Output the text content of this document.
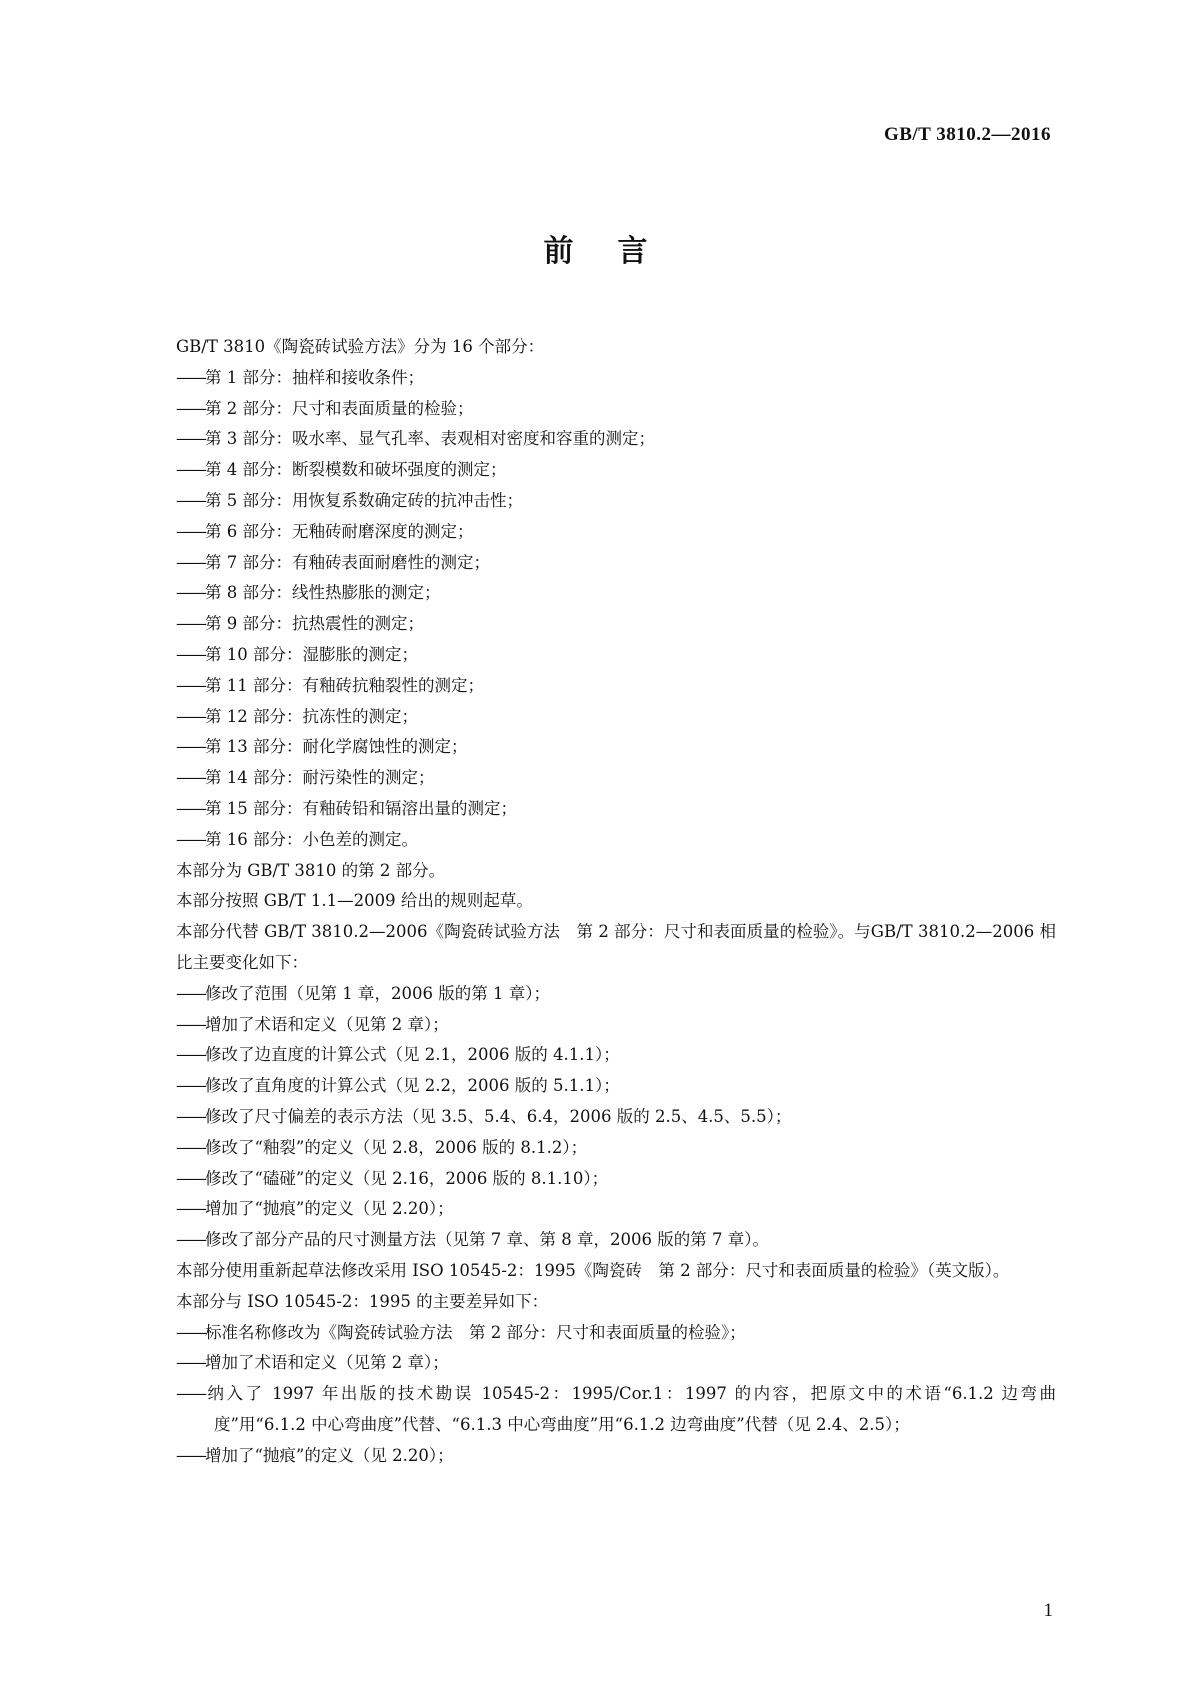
GB/T 3810.2—2016
前 言
GB/T 3810《陶瓷砖试验方法》分为 16 个部分：
——第 1 部分：抽样和接收条件；
——第 2 部分：尺寸和表面质量的检验；
——第 3 部分：吸水率、显气孔率、表观相对密度和容重的测定；
——第 4 部分：断裂模数和破坏强度的测定；
——第 5 部分：用恢复系数确定砖的抗冲击性；
——第 6 部分：无釉砖耐磨深度的测定；
——第 7 部分：有釉砖表面耐磨性的测定；
——第 8 部分：线性热膨胀的测定；
——第 9 部分：抗热震性的测定；
——第 10 部分：湿膨胀的测定；
——第 11 部分：有釉砖抗釉裂性的测定；
——第 12 部分：抗冻性的测定；
——第 13 部分：耐化学腐蚀性的测定；
——第 14 部分：耐污染性的测定；
——第 15 部分：有釉砖铅和镉溶出量的测定；
——第 16 部分：小色差的测定。
本部分为 GB/T 3810 的第 2 部分。
本部分按照 GB/T 1.1—2009 给出的规则起草。
本部分代替 GB/T 3810.2—2006《陶瓷砖试验方法　第 2 部分：尺寸和表面质量的检验》。与GB/T 3810.2—2006 相比主要变化如下：
——修改了范围（见第 1 章，2006 版的第 1 章）；
——增加了术语和定义（见第 2 章）；
——修改了边直度的计算公式（见 2.1，2006 版的 4.1.1）；
——修改了直角度的计算公式（见 2.2，2006 版的 5.1.1）；
——修改了尺寸偏差的表示方法（见 3.5、5.4、6.4，2006 版的 2.5、4.5、5.5）；
——修改了“釉裂”的定义（见 2.8，2006 版的 8.1.2）；
——修改了“磕碰”的定义（见 2.16，2006 版的 8.1.10）；
——增加了“抛痕”的定义（见 2.20）；
——修改了部分产品的尺寸测量方法（见第 7 章、第 8 章，2006 版的第 7 章）。
本部分使用重新起草法修改采用 ISO 10545-2：1995《陶瓷砖　第 2 部分：尺寸和表面质量的检验》（英文版）。
本部分与 ISO 10545-2：1995 的主要差异如下：
——标准名称修改为《陶瓷砖试验方法　第 2 部分：尺寸和表面质量的检验》；
——增加了术语和定义（见第 2 章）；
——纳入了 1997 年出版的技术勘误 10545-2：1995/Cor.1：1997 的内容，把原文中的术语“6.1.2 边弯曲度”用“6.1.2 中心弯曲度”代替、“6.1.3 中心弯曲度”用“6.1.2 边弯曲度”代替（见 2.4、2.5）；
——增加了“抛痕”的定义（见 2.20）；
1
